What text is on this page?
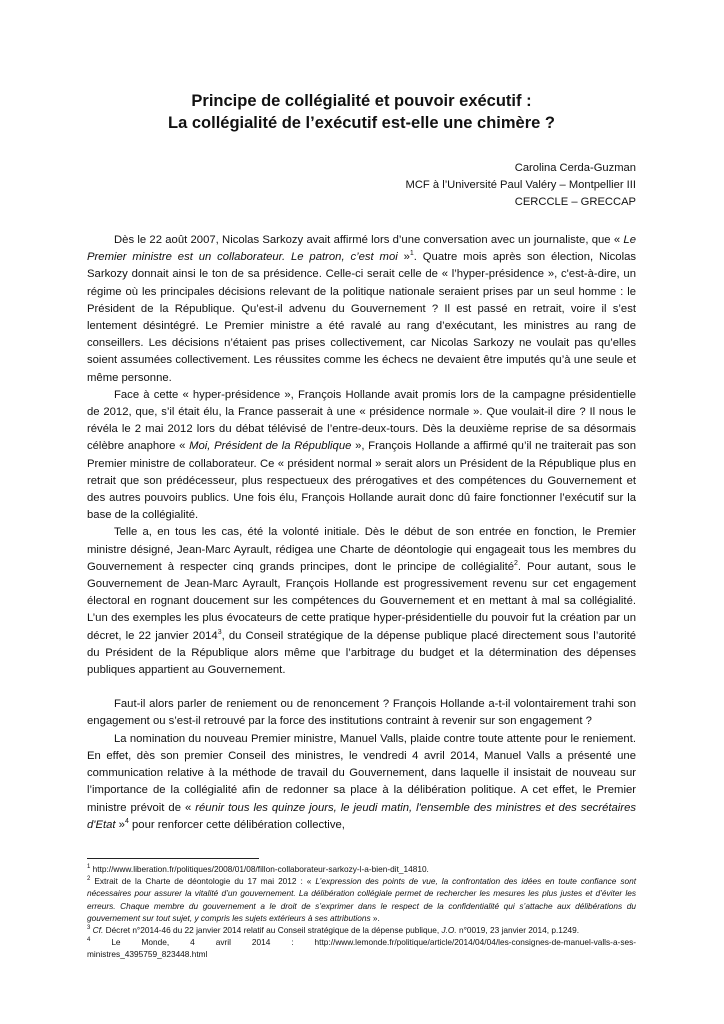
Principe de collégialité et pouvoir exécutif :
La collégialité de l’exécutif est-elle une chimère ?
Carolina Cerda-Guzman
MCF à l’Université Paul Valéry – Montpellier III
CERCCLE – GRECCAP

Dès le 22 août 2007, Nicolas Sarkozy avait affirmé lors d’une conversation avec un journaliste, que « Le Premier ministre est un collaborateur. Le patron, c’est moi »$^1$. Quatre mois après son élection, Nicolas Sarkozy donnait ainsi le ton de sa présidence. Celle-ci serait celle de « l’hyper-présidence », c'est-à-dire, un régime où les principales décisions relevant de la politique nationale seraient prises par un seul homme : le Président de la République. Qu’est-il advenu du Gouvernement ? Il est passé en retrait, voire il s’est lentement désintégré. Le Premier ministre a été ravalé au rang d’exécutant, les ministres au rang de conseillers. Les décisions n’étaient pas prises collectivement, car Nicolas Sarkozy ne voulait pas qu’elles soient assumées collectivement. Les réussites comme les échecs ne devaient être imputés qu’à une seule et même personne.

Face à cette « hyper-présidence », François Hollande avait promis lors de la campagne présidentielle de 2012, que, s’il était élu, la France passerait à une « présidence normale ». Que voulait-il dire ? Il nous le révéla le 2 mai 2012 lors du débat télévisé de l’entre-deux-tours. Dès la deuxième reprise de sa désormais célèbre anaphore « Moi, Président de la République », François Hollande a affirmé qu’il ne traiterait pas son Premier ministre de collaborateur. Ce « président normal » serait alors un Président de la République plus en retrait que son prédécesseur, plus respectueux des prérogatives et des compétences du Gouvernement et des autres pouvoirs publics. Une fois élu, François Hollande aurait donc dû faire fonctionner l’exécutif sur la base de la collégialité.

Telle a, en tous les cas, été la volonté initiale. Dès le début de son entrée en fonction, le Premier ministre désigné, Jean-Marc Ayrault, rédigea une Charte de déontologie qui engageait tous les membres du Gouvernement à respecter cinq grands principes, dont le principe de collégialité$^2$. Pour autant, sous le Gouvernement de Jean-Marc Ayrault, François Hollande est progressivement revenu sur cet engagement électoral en rognant doucement sur les compétences du Gouvernement et en mettant à mal sa collégialité. L’un des exemples les plus évocateurs de cette pratique hyper-présidentielle du pouvoir fut la création par un décret, le 22 janvier 2014$^3$, du Conseil stratégique de la dépense publique placé directement sous l’autorité du Président de la République alors même que l’arbitrage du budget et la détermination des dépenses publiques appartient au Gouvernement.

Faut-il alors parler de reniement ou de renoncement ? François Hollande a-t-il volontairement trahi son engagement ou s’est-il retrouvé par la force des institutions contraint à revenir sur son engagement ?

La nomination du nouveau Premier ministre, Manuel Valls, plaide contre toute attente pour le reniement. En effet, dès son premier Conseil des ministres, le vendredi 4 avril 2014, Manuel Valls a présenté une communication relative à la méthode de travail du Gouvernement, dans laquelle il insistait de nouveau sur l’importance de la collégialité afin de redonner sa place à la délibération politique. A cet effet, le Premier ministre prévoit de « réunir tous les quinze jours, le jeudi matin, l'ensemble des ministres et des secrétaires d'Etat »$^4$ pour renforcer cette délibération collective,

$^1$ http://www.liberation.fr/politiques/2008/01/08/fillon-collaborateur-sarkozy-l-a-bien-dit_14810.

$^2$ Extrait de la Charte de déontologie du 17 mai 2012 : « L’expression des points de vue, la confrontation des idées en toute confiance sont nécessaires pour assurer la vitalité d’un gouvernement. La délibération collégiale permet de rechercher les mesures les plus justes et d’éviter les erreurs. Chaque membre du gouvernement a le droit de s’exprimer dans le respect de la confidentialité qui s’attache aux délibérations du gouvernement sur tout sujet, y compris les sujets extérieurs à ses attributions ».

$^3$ Cf. Décret n°2014-46 du 22 janvier 2014 relatif au Conseil stratégique de la dépense publique, J.O. n°0019, 23 janvier 2014, p.1249.

$^4$	Le Monde, 4 avril 2014 : http://www.lemonde.fr/politique/article/2014/04/04/les-consignes-de-manuel-valls-a-ses-ministres_4395759_823448.html
